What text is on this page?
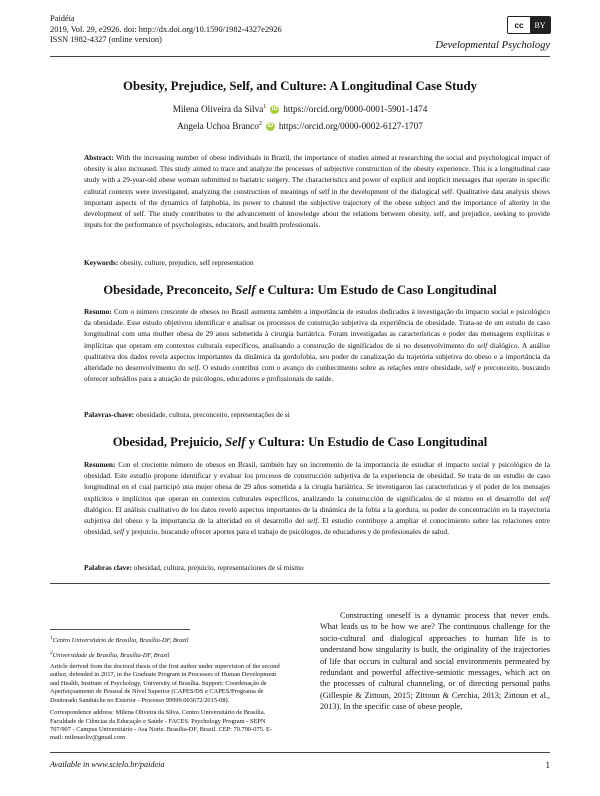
Paidéia
2019, Vol. 29, e2926. doi: http://dx.doi.org/10.1590/1982-4327e2926
ISSN 1982-4327 (online version)
cc	BY
Developmental Psychology
Obesity, Prejudice, Self, and Culture: A Longitudinal Case Study
Milena Oliveira da Silva$^1$ iD https://orcid.org/0000-0001-5901-1474
Angela Uchoa Branco$^2$ iD https://orcid.org/0000-0002-6127-1707
Abstract: With the increasing number of obese individuals in Brazil, the importance of studies aimed at researching the social and psychological impact of obesity is also increased. This study aimed to trace and analyze the processes of subjective construction of the obesity experience. This is a longitudinal case study with a 29-year-old obese woman submitted to bariatric surgery. The characteristics and power of explicit and implicit messages that operate in specific cultural contexts were investigated, analyzing the construction of meanings of self in the development of the dialogical self. Qualitative data analysis shows important aspects of the dynamics of fatphobia, its power to channel the subjective trajectory of the obese subject and the importance of alterity in the development of self. The study contributes to the advancement of knowledge about the relations between obesity, self, and prejudice, seeking to provide inputs for the performance of psychologists, educators, and health professionals.
Keywords: obesity, culture, prejudice, self representation
Obesidade, Preconceito, Self e Cultura: Um Estudo de Caso Longitudinal
Resumo: Com o número crescente de obesos no Brasil aumenta também a importância de estudos dedicados à investigação do impacto social e psicológico da obesidade. Esse estudo objetivou identificar e analisar os processos de construção subjetiva da experiência de obesidade. Trata-se de um estudo de caso longitudinal com uma mulher obesa de 29 anos submetida à cirurgia bariátrica. Foram investigadas as características e poder das mensagens explícitas e implícitas que operam em contextos culturais específicos, analisando a construção de significados de si no desenvolvimento do self dialógico. A análise qualitativa dos dados revela aspectos importantes da dinâmica da gordofobia, seu poder de canalização da trajetória subjetiva do obeso e a importância da alteridade no desenvolvimento do self. O estudo contribui com o avanço do conhecimento sobre as relações entre obesidade, self e preconceito, buscando oferecer subsídios para a atuação de psicólogos, educadores e profissionais de saúde.
Palavras-chave: obesidade, cultura, preconceito, representações de si
Obesidad, Prejuicio, Self y Cultura: Un Estudio de Caso Longitudinal
Resumen: Con el creciente número de obesos en Brasil, también hay un incremento de la importancia de estudiar el impacto social y psicológico de la obesidad. Este estudio propone identificar y evaluar los procesos de construcción subjetiva de la experiencia de obesidad. Se trata de un estudio de caso longitudinal en el cual participó una mujer obesa de 29 años sometida a la cirugía bariátrica. Se investigaron las características y el poder de los mensajes explícitos e implícitos que operan en contextos culturales específicos, analizando la construcción de significados de sí mismo en el desarrollo del self dialógico. El análisis cualitativo de los datos reveló aspectos importantes de la dinámica de la fobia a la gordura, su poder de concentración en la trayectoria subjetiva del obeso y la importancia de la alteridad en el desarrollo del self. El estudio contribuye a ampliar el conocimiento sobre las relaciones entre obesidad, self y prejuicio, buscando ofrecer aportes para el trabajo de psicólogos, de educadores y de profesionales de salud.
Palabras clave: obesidad, cultura, prejuicio, representaciones de sí mismo
$^1$Centro Universitário de Brasília, Brasília-DF, Brazil
$^2$Universidade de Brasília, Brasília-DF, Brazil
Article derived from the doctoral thesis of the first author under supervision of the second author, defended in 2017, in the Graduate Program in Processes of Human Development and Health, Institute of Psychology, University of Brasília. Support: Coordenação de Aperfeiçoamento de Pessoal de Nível Superior (CAPES/DS e CAPES/Programa de Doutorado Sanduíche no Exterior - Processo 99999.003672/2015-08).
Correspondence address: Milena Oliveira da Silva. Centro Universitário de Brasília. Faculdade de Ciências da Educação e Saúde - FACES. Psychology Program - SEPN 707/907 - Campus Universitário - Asa Norte. Brasília-DF, Brazil. CEP: 70.790-075. E-mail: milenaoliv@gmail.com
Constructing oneself is a dynamic process that never ends. What leads us to be how we are? The continuous challenge for the socio-cultural and dialogical approaches to human life is to understand how singularity is built, the originality of the trajectories of life that occurs in cultural and social environments permeated by redundant and powerful affective-semiotic messages, which act on the processes of cultural channeling, or of directing personal paths (Gillespie & Zittoun, 2015; Zittoun & Cerchia, 2013; Zittoun et al., 2013). In the specific case of obese people,
Available in www.scielo.br/paideia	1
